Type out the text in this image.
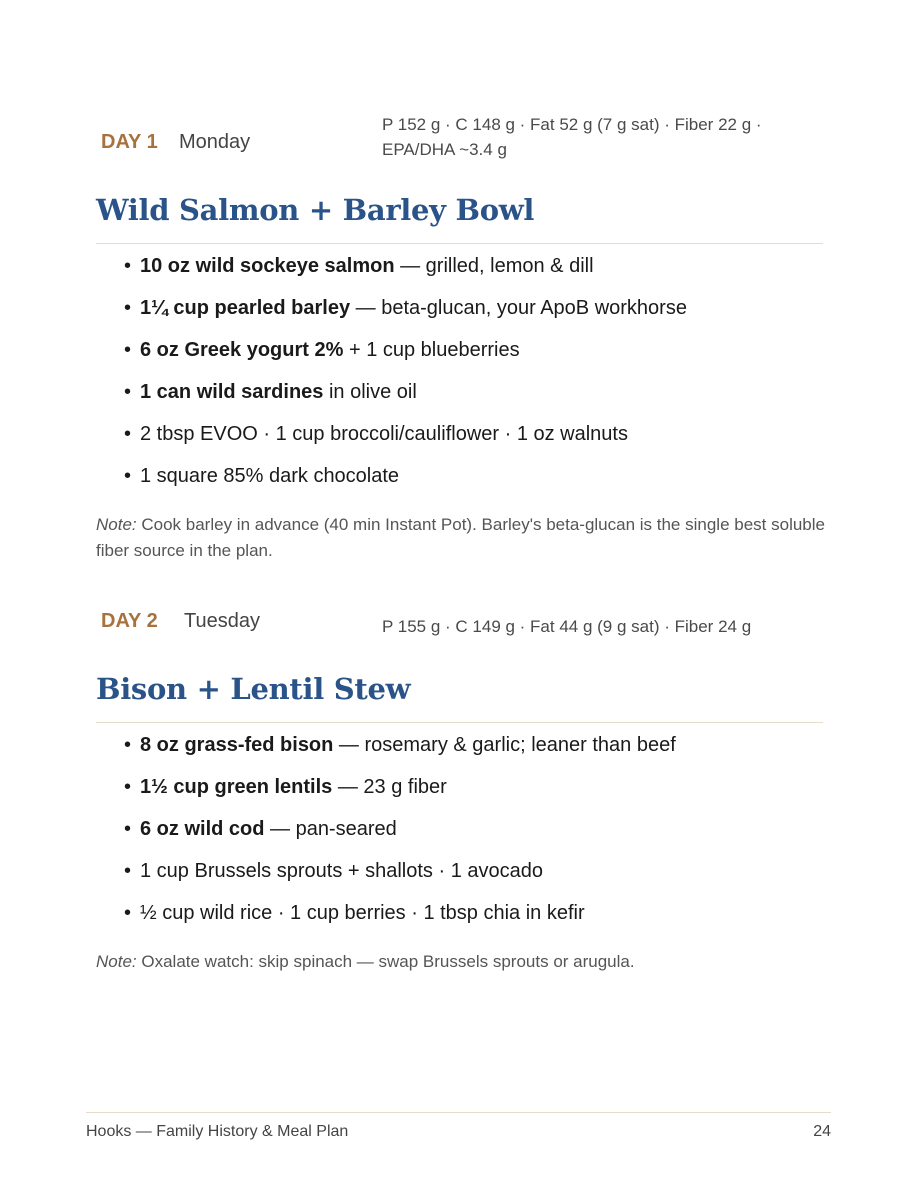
DAY 1 Monday
P 152 g · C 148 g · Fat 52 g (7 g sat) · Fiber 22 g · EPA/DHA ~3.4 g
Wild Salmon + Barley Bowl
• 10 oz wild sockeye salmon — grilled, lemon & dill
• 1¼ cup pearled barley — beta-glucan, your ApoB workhorse
• 6 oz Greek yogurt 2% + 1 cup blueberries
• 1 can wild sardines in olive oil
• 2 tbsp EVOO · 1 cup broccoli/cauliflower · 1 oz walnuts
• 1 square 85% dark chocolate
Note: Cook barley in advance (40 min Instant Pot). Barley's beta-glucan is the single best soluble fiber source in the plan.
DAY 2 Tuesday	P 155 g · C 149 g · Fat 44 g (9 g sat) · Fiber 24 g
Bison + Lentil Stew
• 8 oz grass-fed bison — rosemary & garlic; leaner than beef
• 1½ cup green lentils — 23 g fiber
• 6 oz wild cod — pan-seared
• 1 cup Brussels sprouts + shallots · 1 avocado
• ½ cup wild rice · 1 cup berries · 1 tbsp chia in kefir
Note: Oxalate watch: skip spinach — swap Brussels sprouts or arugula.
Hooks — Family History & Meal Plan	24
